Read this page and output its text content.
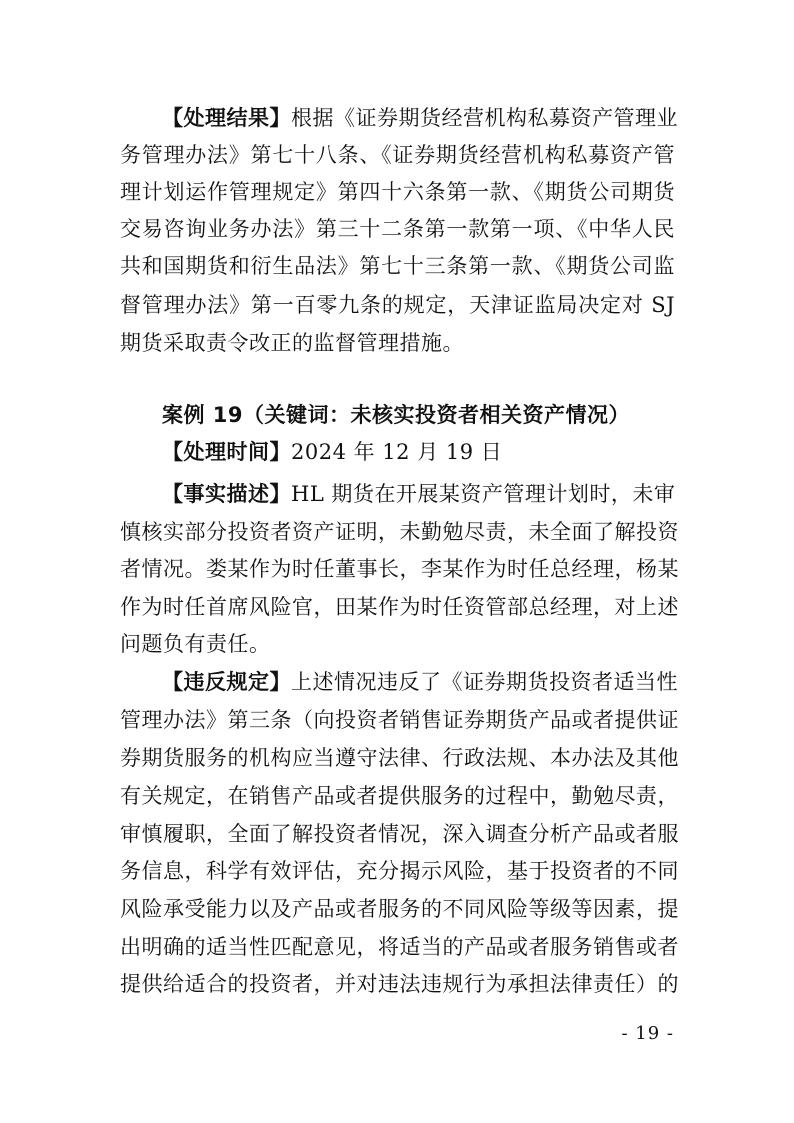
【处理结果】根据《证券期货经营机构私募资产管理业
务管理办法》第七十八条、《证券期货经营机构私募资产管
理计划运作管理规定》第四十六条第一款、《期货公司期货
交易咨询业务办法》第三十二条第一款第一项、《中华人民
共和国期货和衍生品法》第七十三条第一款、《期货公司监
督管理办法》第一百零九条的规定，天津证监局决定对 SJ
期货采取责令改正的监督管理措施。
案例 19（关键词：未核实投资者相关资产情况）
【处理时间】2024 年 12 月 19 日
【事实描述】HL 期货在开展某资产管理计划时，未审
慎核实部分投资者资产证明，未勤勉尽责，未全面了解投资
者情况。娄某作为时任董事长，李某作为时任总经理，杨某
作为时任首席风险官，田某作为时任资管部总经理，对上述
问题负有责任。
【违反规定】上述情况违反了《证券期货投资者适当性
管理办法》第三条（向投资者销售证券期货产品或者提供证
券期货服务的机构应当遵守法律、行政法规、本办法及其他
有关规定，在销售产品或者提供服务的过程中，勤勉尽责，
审慎履职，全面了解投资者情况，深入调查分析产品或者服
务信息，科学有效评估，充分揭示风险，基于投资者的不同
风险承受能力以及产品或者服务的不同风险等级等因素，提
出明确的适当性匹配意见，将适当的产品或者服务销售或者
提供给适合的投资者，并对违法违规行为承担法律责任）的
- 19 -
